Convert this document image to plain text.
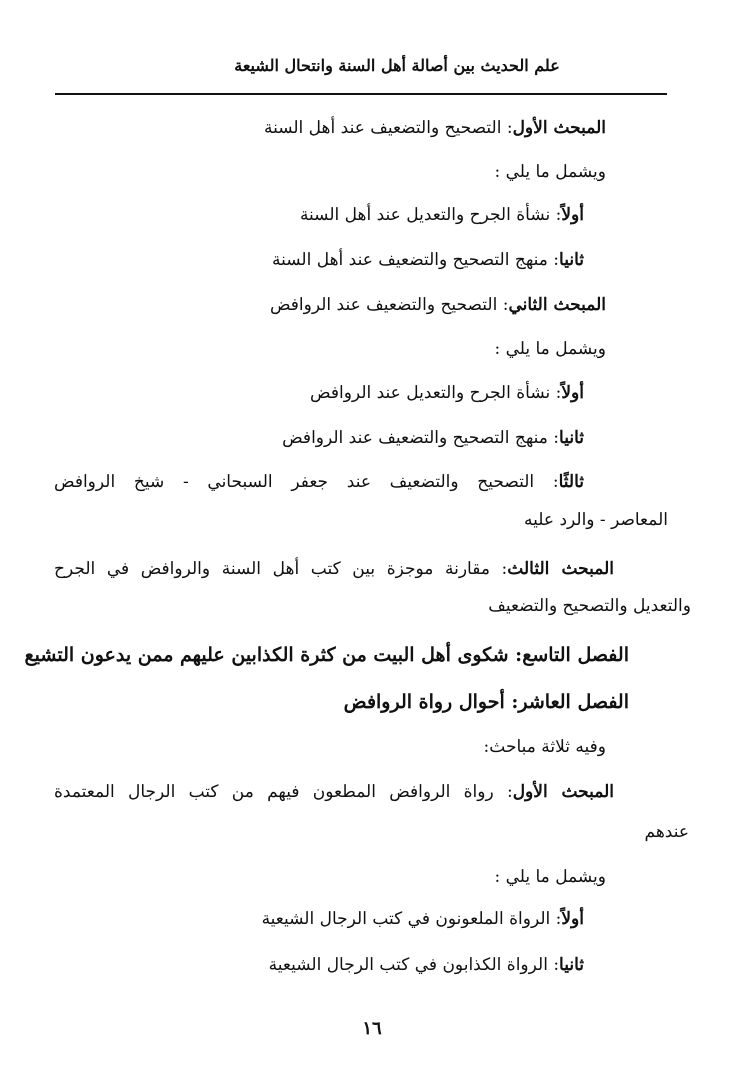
علم الحديث بين أصالة أهل السنة وانتحال الشيعة
المبحث الأول: التصحيح والتضعيف عند أهل السنة
ويشمل ما يلي :
أولاً: نشأة الجرح والتعديل عند أهل السنة
ثانيا: منهج التصحيح والتضعيف عند أهل السنة
المبحث الثاني: التصحيح والتضعيف عند الروافض
ويشمل ما يلي :
أولاً: نشأة الجرح والتعديل عند الروافض
ثانيا: منهج التصحيح والتضعيف عند الروافض
ثالثًا: التصحيح والتضعيف عند جعفر السبحاني - شيخ الروافض
المعاصر - والرد عليه
المبحث الثالث: مقارنة موجزة بين كتب أهل السنة والروافض في الجرح
والتعديل والتصحيح والتضعيف
الفصل التاسع: شكوى أهل البيت من كثرة الكذابين عليهم ممن يدعون التشيع
الفصل العاشر: أحوال رواة الروافض
وفيه ثلاثة مباحث:
المبحث الأول: رواة الروافض المطعون فيهم من كتب الرجال المعتمدة
عندهم
ويشمل ما يلي :
أولاً: الرواة الملعونون في كتب الرجال الشيعية
ثانيا: الرواة الكذابون في كتب الرجال الشيعية
١٦
